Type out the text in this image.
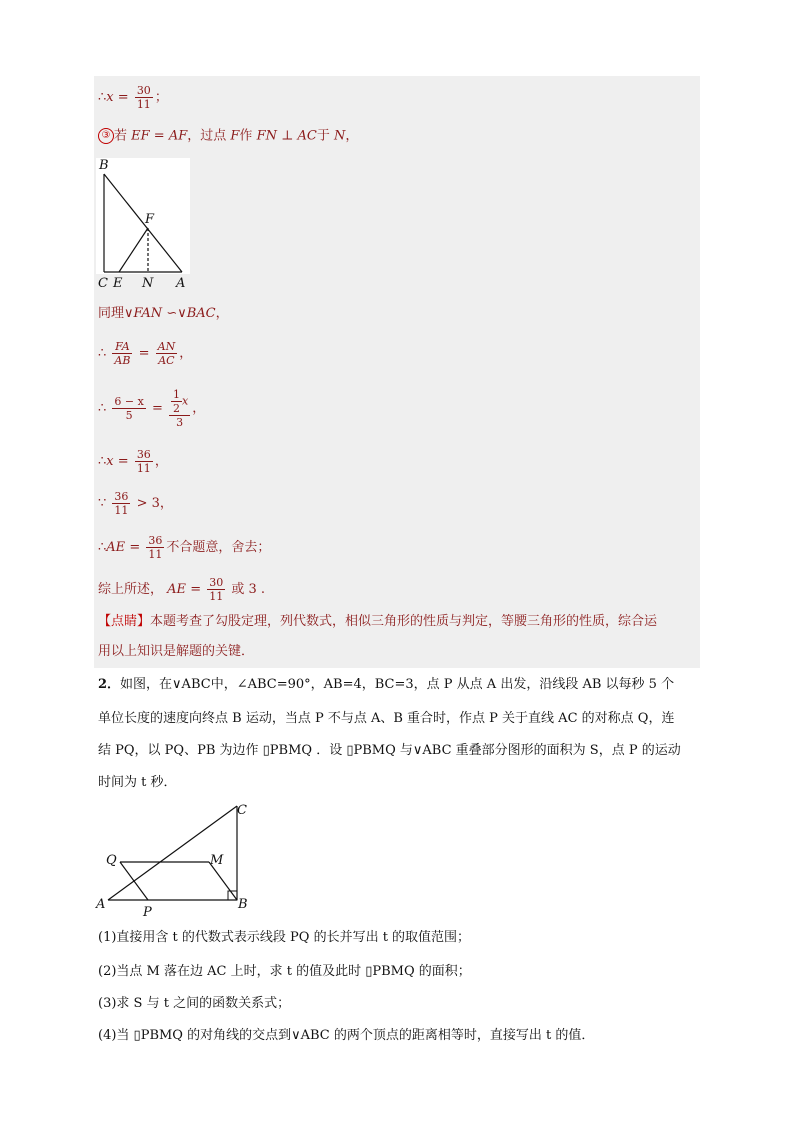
∴x = $\frac{30}{11}$ ；
③ 若 EF = AF，过点 F作 FN ⊥ AC于 N，
B
F
C E N A
同理∨FAN ∽∨BAC，
∴ $\frac{FA}{AB} = \frac{AN}{AC}$ ，
∴ $\frac{6 - x}{5} = \frac{\frac{1}{2} x}{3}$ ，
∴x = $\frac{36}{11}$ ，
∵ $\frac{36}{11} > 3$，
∴AE = $\frac{36}{11}$ 不合题意，舍去；
综上所述， AE = $\frac{30}{11}$ 或 3 .
【点睛】本题考查了勾股定理，列代数式，相似三角形的性质与判定，等腰三角形的性质，综合运
用以上知识是解题的关键．
2．如图，在∨ABC中，∠ABC=90°，AB=4，BC=3，点 P 从点 A 出发，沿线段 AB 以每秒 5 个
单位长度的速度向终点 B 运动，当点 P 不与点 A、B 重合时，作点 P 关于直线 AC 的对称点 Q，连
结 PQ，以 PQ、PB 为边作 ▯PBMQ ．设 ▯PBMQ 与∨ABC 重叠部分图形的面积为 S，点 P 的运动
时间为 t 秒．
C
Q	M
A
P
B
(1)直接用含 t 的代数式表示线段 PQ 的长并写出 t 的取值范围；
(2)当点 M 落在边 AC 上时，求 t 的值及此时 ▯PBMQ 的面积；
(3)求 S 与 t 之间的函数关系式；
(4)当 ▯PBMQ 的对角线的交点到∨ABC 的两个顶点的距离相等时，直接写出 t 的值．
